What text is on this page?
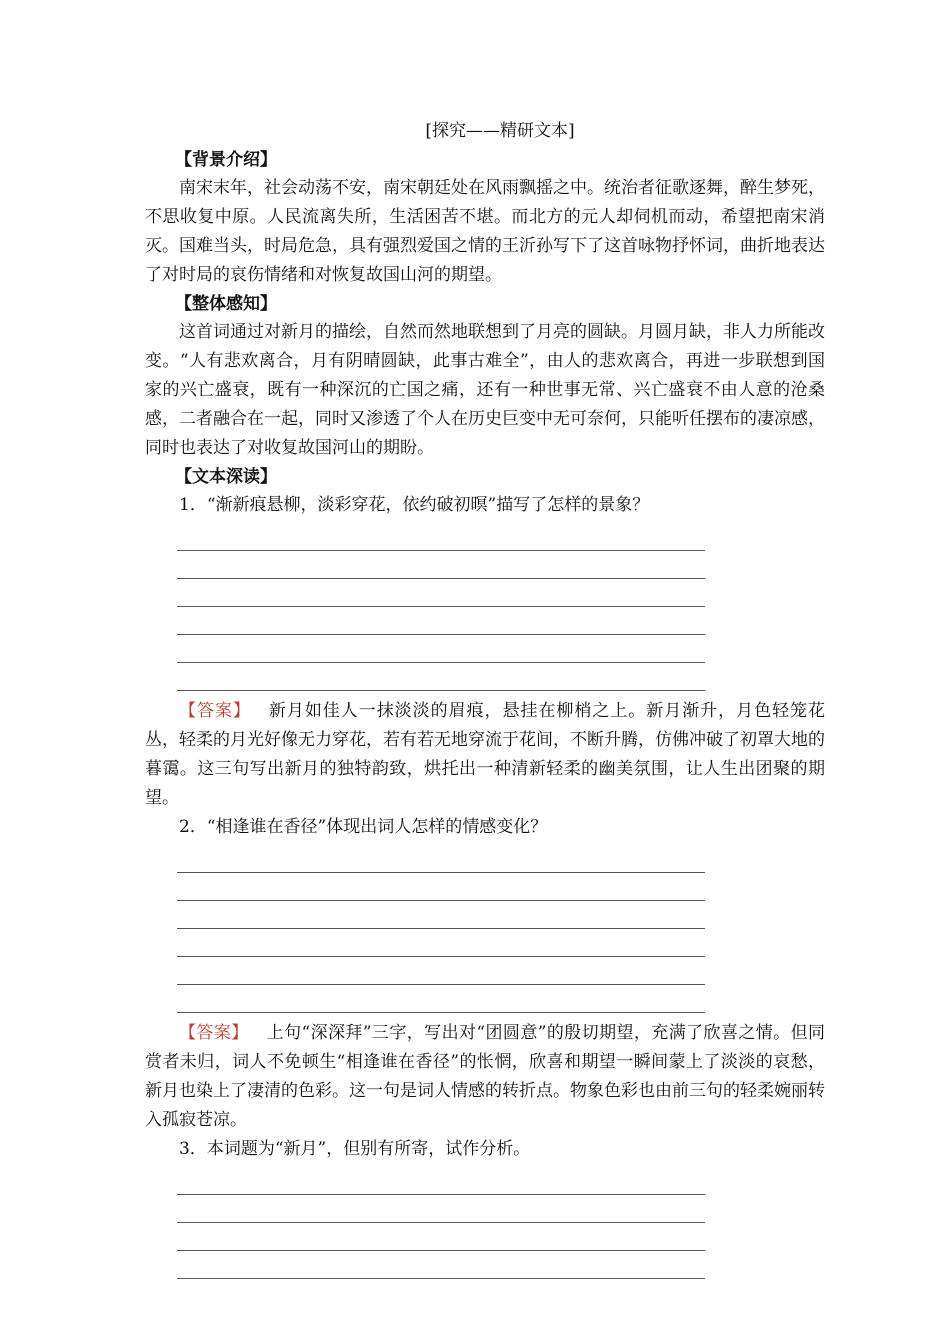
[探究——精研文本]
【背景介绍】

南宋末年，社会动荡不安，南宋朝廷处在风雨飘摇之中。统治者征歌逐舞，醉生梦死，不思收复中原。人民流离失所，生活困苦不堪。而北方的元人却伺机而动，希望把南宋消灭。国难当头，时局危急，具有强烈爱国之情的王沂孙写下了这首咏物抒怀词，曲折地表达了对时局的哀伤情绪和对恢复故国山河的期望。

【整体感知】

这首词通过对新月的描绘，自然而然地联想到了月亮的圆缺。月圆月缺，非人力所能改变。“人有悲欢离合，月有阴晴圆缺，此事古难全”，由人的悲欢离合，再进一步联想到国家的兴亡盛衰，既有一种深沉的亡国之痛，还有一种世事无常、兴亡盛衰不由人意的沧桑感，二者融合在一起，同时又渗透了个人在历史巨变中无可奈何，只能听任摆布的凄凉感，同时也表达了对收复故国河山的期盼。

【文本深读】

1．“渐新痕悬柳，淡彩穿花，依约破初暝”描写了怎样的景象？

【答案】 新月如佳人一抹淡淡的眉痕，悬挂在柳梢之上。新月渐升，月色轻笼花丛，轻柔的月光好像无力穿花，若有若无地穿流于花间，不断升腾，仿佛冲破了初罩大地的暮霭。这三句写出新月的独特韵致，烘托出一种清新轻柔的幽美氛围，让人生出团聚的期望。

2．“相逢谁在香径”体现出词人怎样的情感变化？

【答案】 上句“深深拜”三字，写出对“团圆意”的殷切期望，充满了欣喜之情。但同赏者未归，词人不免顿生“相逢谁在香径”的怅惘，欣喜和期望一瞬间蒙上了淡淡的哀愁，新月也染上了凄清的色彩。这一句是词人情感的转折点。物象色彩也由前三句的轻柔婉丽转入孤寂苍凉。

3．本词题为“新月”，但别有所寄，试作分析。
